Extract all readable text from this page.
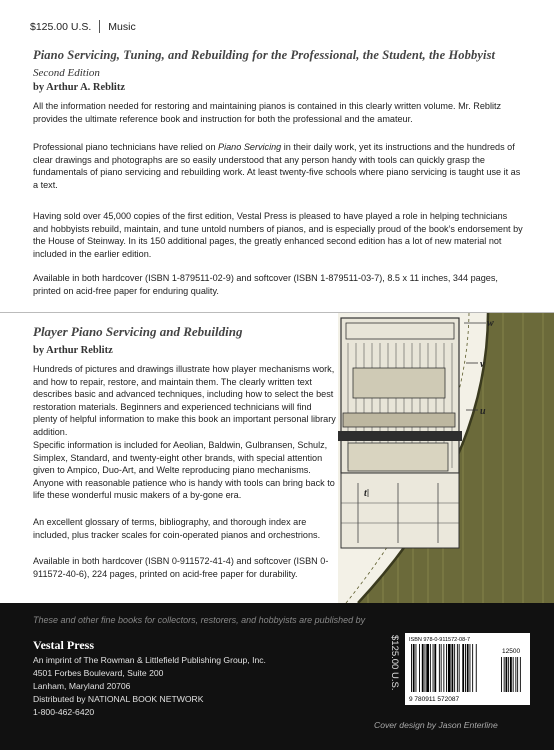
$125.00 U.S. Music
Piano Servicing, Tuning, and Rebuilding for the Professional, the Student, the Hobbyist
Second Edition
by Arthur A. Reblitz

All the information needed for restoring and maintaining pianos is contained in this clearly written volume. Mr. Reblitz provides the ultimate reference book and instruction for both the professional and the amateur.

Professional piano technicians have relied on Piano Servicing in their daily work, yet its instructions and the hundreds of clear drawings and photographs are so easily understood that any person handy with tools can quickly grasp the fundamentals of piano servicing and rebuilding work. At least twenty-five schools where piano servicing is taught use it as a text.

Having sold over 45,000 copies of the first edition, Vestal Press is pleased to have played a role in helping technicians and hobbyists rebuild, maintain, and tune untold numbers of pianos, and is especially proud of the book’s endorsement by the House of Steinway. In its 150 additional pages, the greatly enhanced second edition has a lot of new material not included in the earlier edition.

Available in both hardcover (ISBN 1-879511-02-9) and softcover (ISBN 1-879511-03-7), 8.5 x 11 inches, 344 pages, printed on acid-free paper for enduring quality.

Player Piano Servicing and Rebuilding
by Arthur Reblitz

Hundreds of pictures and drawings illustrate how player mechanisms work, and how to repair, restore, and maintain them. The clearly written text describes basic and advanced techniques, including how to select the best restoration materials. Beginners and experienced technicians will find plenty of helpful information to make this book an important personal library addition.

Specific information is included for Aeolian, Baldwin, Gulbransen, Schulz, Simplex, Standard, and twenty-eight other brands, with special attention given to Ampico, Duo-Art, and Welte reproducing piano mechanisms. Anyone with reasonable patience who is handy with tools can bring back to life these wonderful music makers of a by-gone era.

An excellent glossary of terms, bibliography, and thorough index are included, plus tracker scales for coin-operated pianos and orchestrions.

Available in both hardcover (ISBN 0-911572-41-4) and softcover (ISBN 0-911572-40-6), 224 pages, printed on acid-free paper for durability.

w
v
u
t
These and other fine books for collectors, restorers, and hobbyists are published by
Vestal Press
An imprint of The Rowman & Littlefield Publishing Group, Inc.
4501 Forbes Boulevard, Suite 200
Lanham, Maryland 20706
Distributed by NATIONAL BOOK NETWORK
1-800-462-6420
$125.00 U.S. ISBN 978-0-911572-08-7
12500
9 780911 572087
Cover design by Jason Enterline
